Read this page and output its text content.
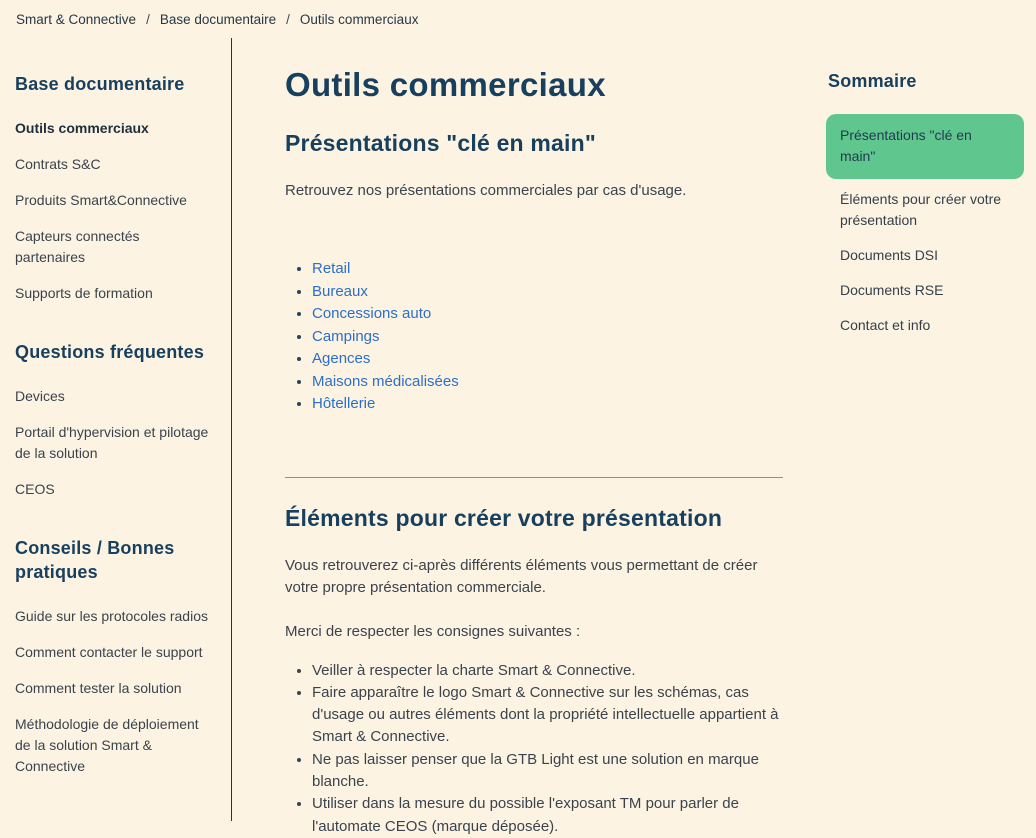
Smart & Connective / Base documentaire / Outils commerciaux
Base documentaire
Outils commerciaux
Contrats S&C
Produits Smart&Connective
Capteurs connectés partenaires
Supports de formation
Questions fréquentes
Devices
Portail d'hypervision et pilotage de la solution
CEOS
Conseils / Bonnes pratiques
Guide sur les protocoles radios
Comment contacter le support
Comment tester la solution
Méthodologie de déploiement de la solution Smart & Connective
Outils commerciaux
Présentations "clé en main"

Retrouvez nos présentations commerciales par cas d'usage.

• Retail
• Bureaux
• Concessions auto
• Campings
• Agences
• Maisons médicalisées
• Hôtellerie
Éléments pour créer votre présentation

Vous retrouverez ci-après différents éléments vous permettant de créer votre propre présentation commerciale.

Merci de respecter les consignes suivantes :

• Veiller à respecter la charte Smart & Connective.
• Faire apparaître le logo Smart & Connective sur les schémas, cas d'usage ou autres éléments dont la propriété intellectuelle appartient à Smart & Connective.
• Ne pas laisser penser que la GTB Light est une solution en marque blanche.
• Utiliser dans la mesure du possible l'exposant TM pour parler de l'automate CEOS (marque déposée).
Sommaire
Présentations "clé en main"
Éléments pour créer votre présentation
Documents DSI
Documents RSE
Contact et info
